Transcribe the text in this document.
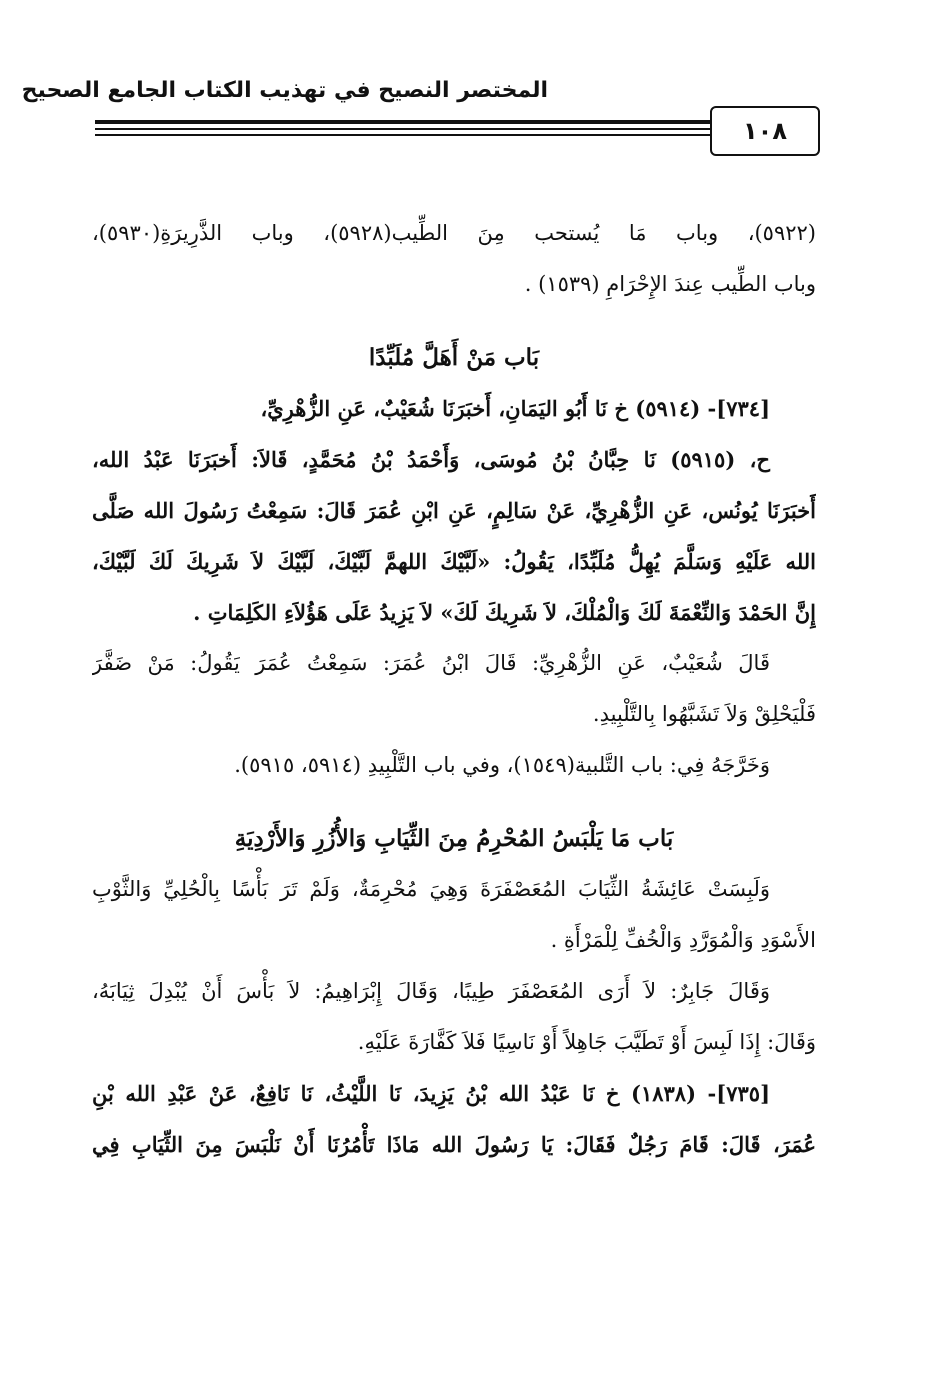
المختصر النصيح في تهذيب الكتاب الجامع الصحيح
١٠٨
(٥٩٢٢)، وباب مَا يُستحب مِنَ الطِّيب(٥٩٢٨)، وباب الذَّرِيرَةِ(٥٩٣٠)،
وباب الطِّيب عِندَ الإِحْرَامِ (١٥٣٩) .
بَاب مَنْ أَهَلَّ مُلَبِّدًا
[٧٣٤]- (٥٩١٤) خ نَا أَبُو اليَمَانِ، أَخبَرَنَا شُعَيْبٌ، عَنِ الزُّهْرِيِّ،
ح، (٥٩١٥) نَا حِبَّانُ بْنُ مُوسَى، وَأَحْمَدُ بْنُ مُحَمَّدٍ، قَالاَ: أَخبَرَنَا عَبْدُ الله،
أَخبَرَنَا يُونُس، عَنِ الزُّهْرِيِّ، عَنْ سَالِمٍ، عَنِ ابْنِ عُمَرَ قَالَ: سَمِعْتُ رَسُولَ الله صَلَّى
الله عَلَيْهِ وَسَلَّمَ يُهِلُّ مُلَبِّدًا، يَقُولُ: «لَبَّيْكَ اللهمَّ لَبَّيْكَ، لَبَّيْكَ لاَ شَرِيكَ لَكَ لَبَّيْكَ،
إِنَّ الحَمْدَ وَالنِّعْمَةَ لَكَ وَالْمُلْكَ، لاَ شَرِيكَ لَكَ» لاَ يَزِيدُ عَلَى هَؤُلاَءِ الكَلِمَاتِ .
قَالَ شُعَيْبٌ، عَنِ الزُّهْرِيِّ: قَالَ ابْنُ عُمَرَ: سَمِعْتُ عُمَرَ يَقُولُ: مَنْ ضَفَّرَ
فَلْيَحْلِقْ وَلاَ تَشَبَّهُوا بِالتَّلْبِيدِ.
وَخَرَّجَهُ فِي: باب التَّلبية(١٥٤٩)، وفي باب التَّلْبِيدِ (٥٩١٤، ٥٩١٥).
بَاب مَا يَلْبَسُ المُحْرِمُ مِنَ الثِّيَابِ وَالأُزُرِ وَالأَرْدِيَةِ
وَلَبِسَتْ عَائِشَةُ الثِّيَابَ المُعَصْفَرَةَ وَهِيَ مُحْرِمَةٌ، وَلَمْ تَرَ بَأْسًا بِالْحُلِيِّ وَالثَّوْبِ
الأَسْوَدِ وَالْمُوَرَّدِ وَالْخُفِّ لِلْمَرْأَةِ .
وَقَالَ جَابِرٌ: لاَ أَرَى المُعَصْفَرَ طِيبًا، وَقَالَ إِبْرَاهِيمُ: لاَ بَأْسَ أَنْ يُبْدِلَ ثِيَابَهُ،
وَقَالَ: إِذَا لَبِسَ أَوْ تَطَيَّبَ جَاهِلاً أَوْ نَاسِيًا فَلاَ كَفَّارَةَ عَلَيْهِ.
[٧٣٥]- (١٨٣٨) خ نَا عَبْدُ الله بْنُ يَزِيدَ، نَا اللَّيْثُ، نَا نَافِعٌ، عَنْ عَبْدِ الله بْنِ
عُمَرَ، قَالَ: قَامَ رَجُلٌ فَقَالَ: يَا رَسُولَ الله مَاذَا تَأْمُرُنَا أَنْ نَلْبَسَ مِنَ الثِّيَابِ فِي
